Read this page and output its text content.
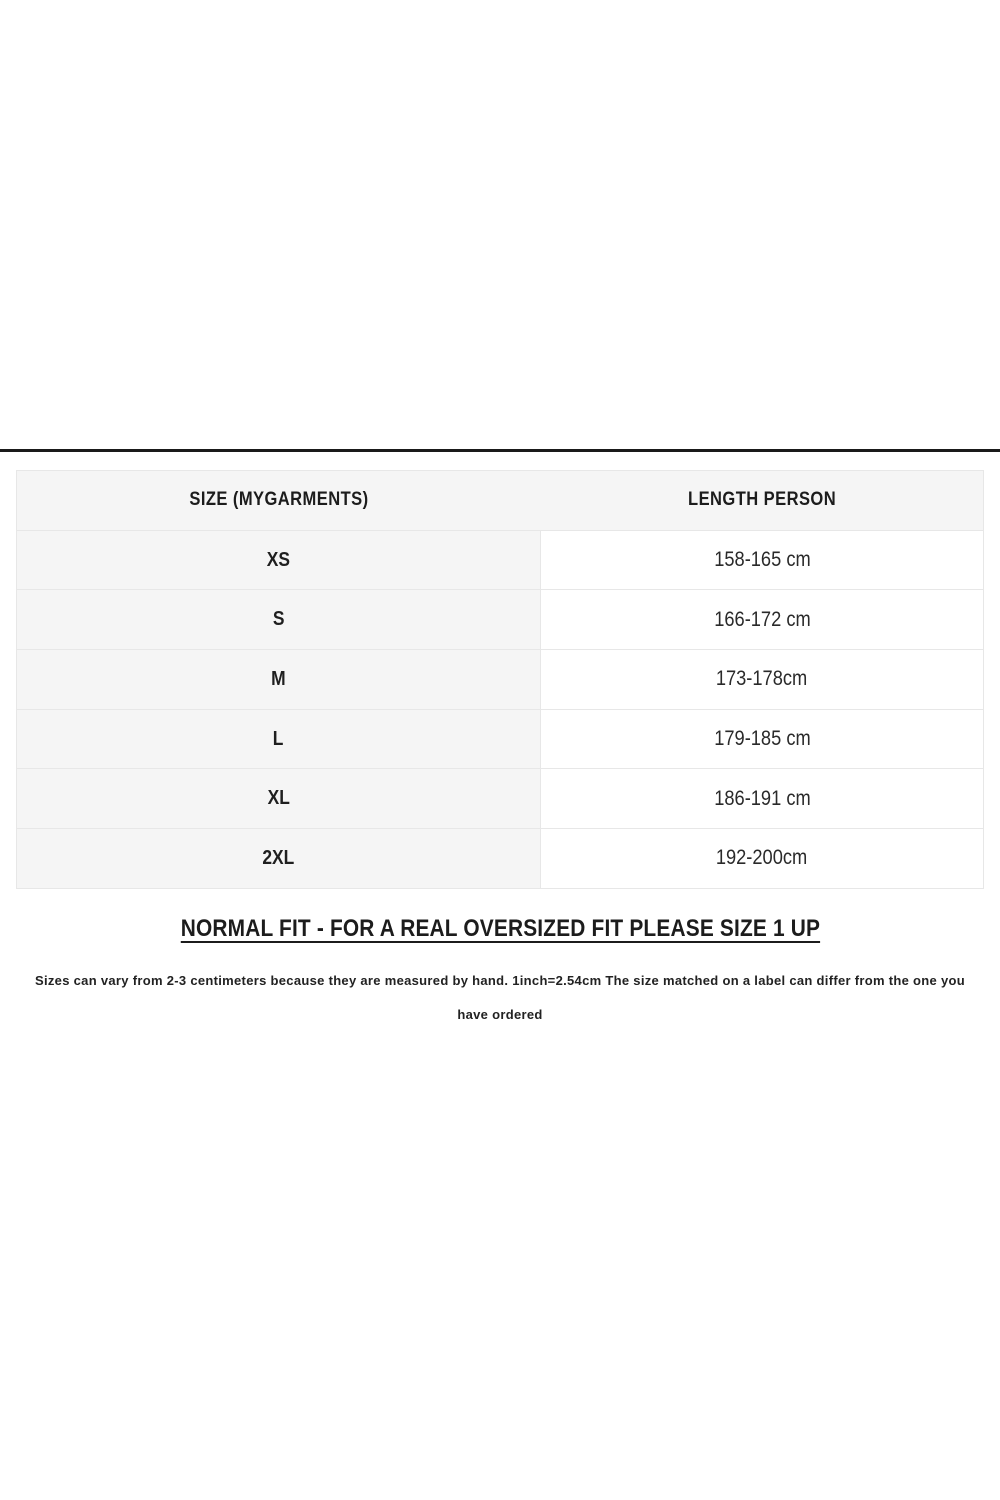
SIZE (MYGARMENTS)	LENGTH PERSON
XS	158-165 cm
S	166-172 cm
M	173-178cm
L	179-185 cm
XL	186-191 cm
2XL	192-200cm
NORMAL FIT - FOR A REAL OVERSIZED FIT PLEASE SIZE 1 UP

Sizes can vary from 2-3 centimeters because they are measured by hand. 1inch=2.54cm The size matched on a label can differ from the one you have ordered
